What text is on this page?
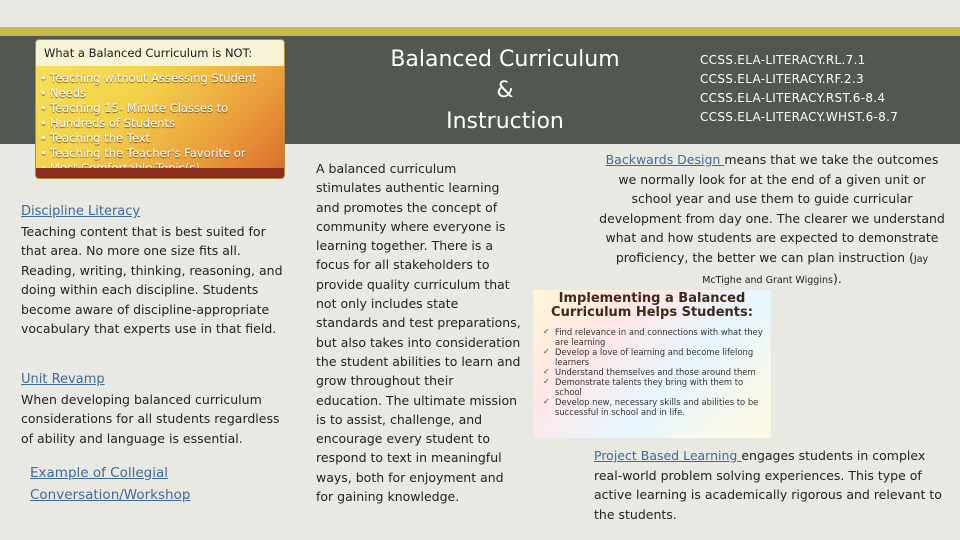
Balanced Curriculum
&
Instruction
CCSS.ELA-LITERACY.RL.7.1
CCSS.ELA-LITERACY.RF.2.3
CCSS.ELA-LITERACY.RST.6-8.4
CCSS.ELA-LITERACY.WHST.6-8.7
What a Balanced Curriculum is NOT:
• Teaching without Assessing Student
• Needs
• Teaching 15- Minute Classes to
• Hundreds of Students
• Teaching the Text
• Teaching the Teacher's Favorite or
•
Discipline Literacy
Teaching content that is best suited for that area. No more one size fits all. Reading, writing, thinking, reasoning, and doing within each discipline. Students become aware of discipline-appropriate vocabulary that experts use in that field.
Unit Revamp
When developing balanced curriculum considerations for all students regardless of ability and language is essential.
Example of Collegial
Conversation/Workshop
A balanced curriculum stimulates authentic learning and promotes the concept of community where everyone is learning together. There is a focus for all stakeholders to provide quality curriculum that not only includes state standards and test preparations, but also takes into consideration the student abilities to learn and grow throughout their education. The ultimate mission is to assist, challenge, and encourage every student to respond to text in meaningful ways, both for enjoyment and for gaining knowledge.
Backwards Design means that we take the outcomes we normally look for at the end of a given unit or school year and use them to guide curricular development from day one. The clearer we understand what and how students are expected to demonstrate proficiency, the better we can plan instruction (Jay McTighe and Grant Wiggins).
Implementing a Balanced
Curriculum Helps Students:
✓ Find relevance in and connections with what they are learning
✓ Develop a love of learning and become lifelong learners
✓ Understand themselves and those around them
✓ Demonstrate talents they bring with them to school
✓ Develop new, necessary skills and abilities to be successful in school and in life.
Project Based Learning engages students in complex real-world problem solving experiences. This type of active learning is academically rigorous and relevant to the students.
